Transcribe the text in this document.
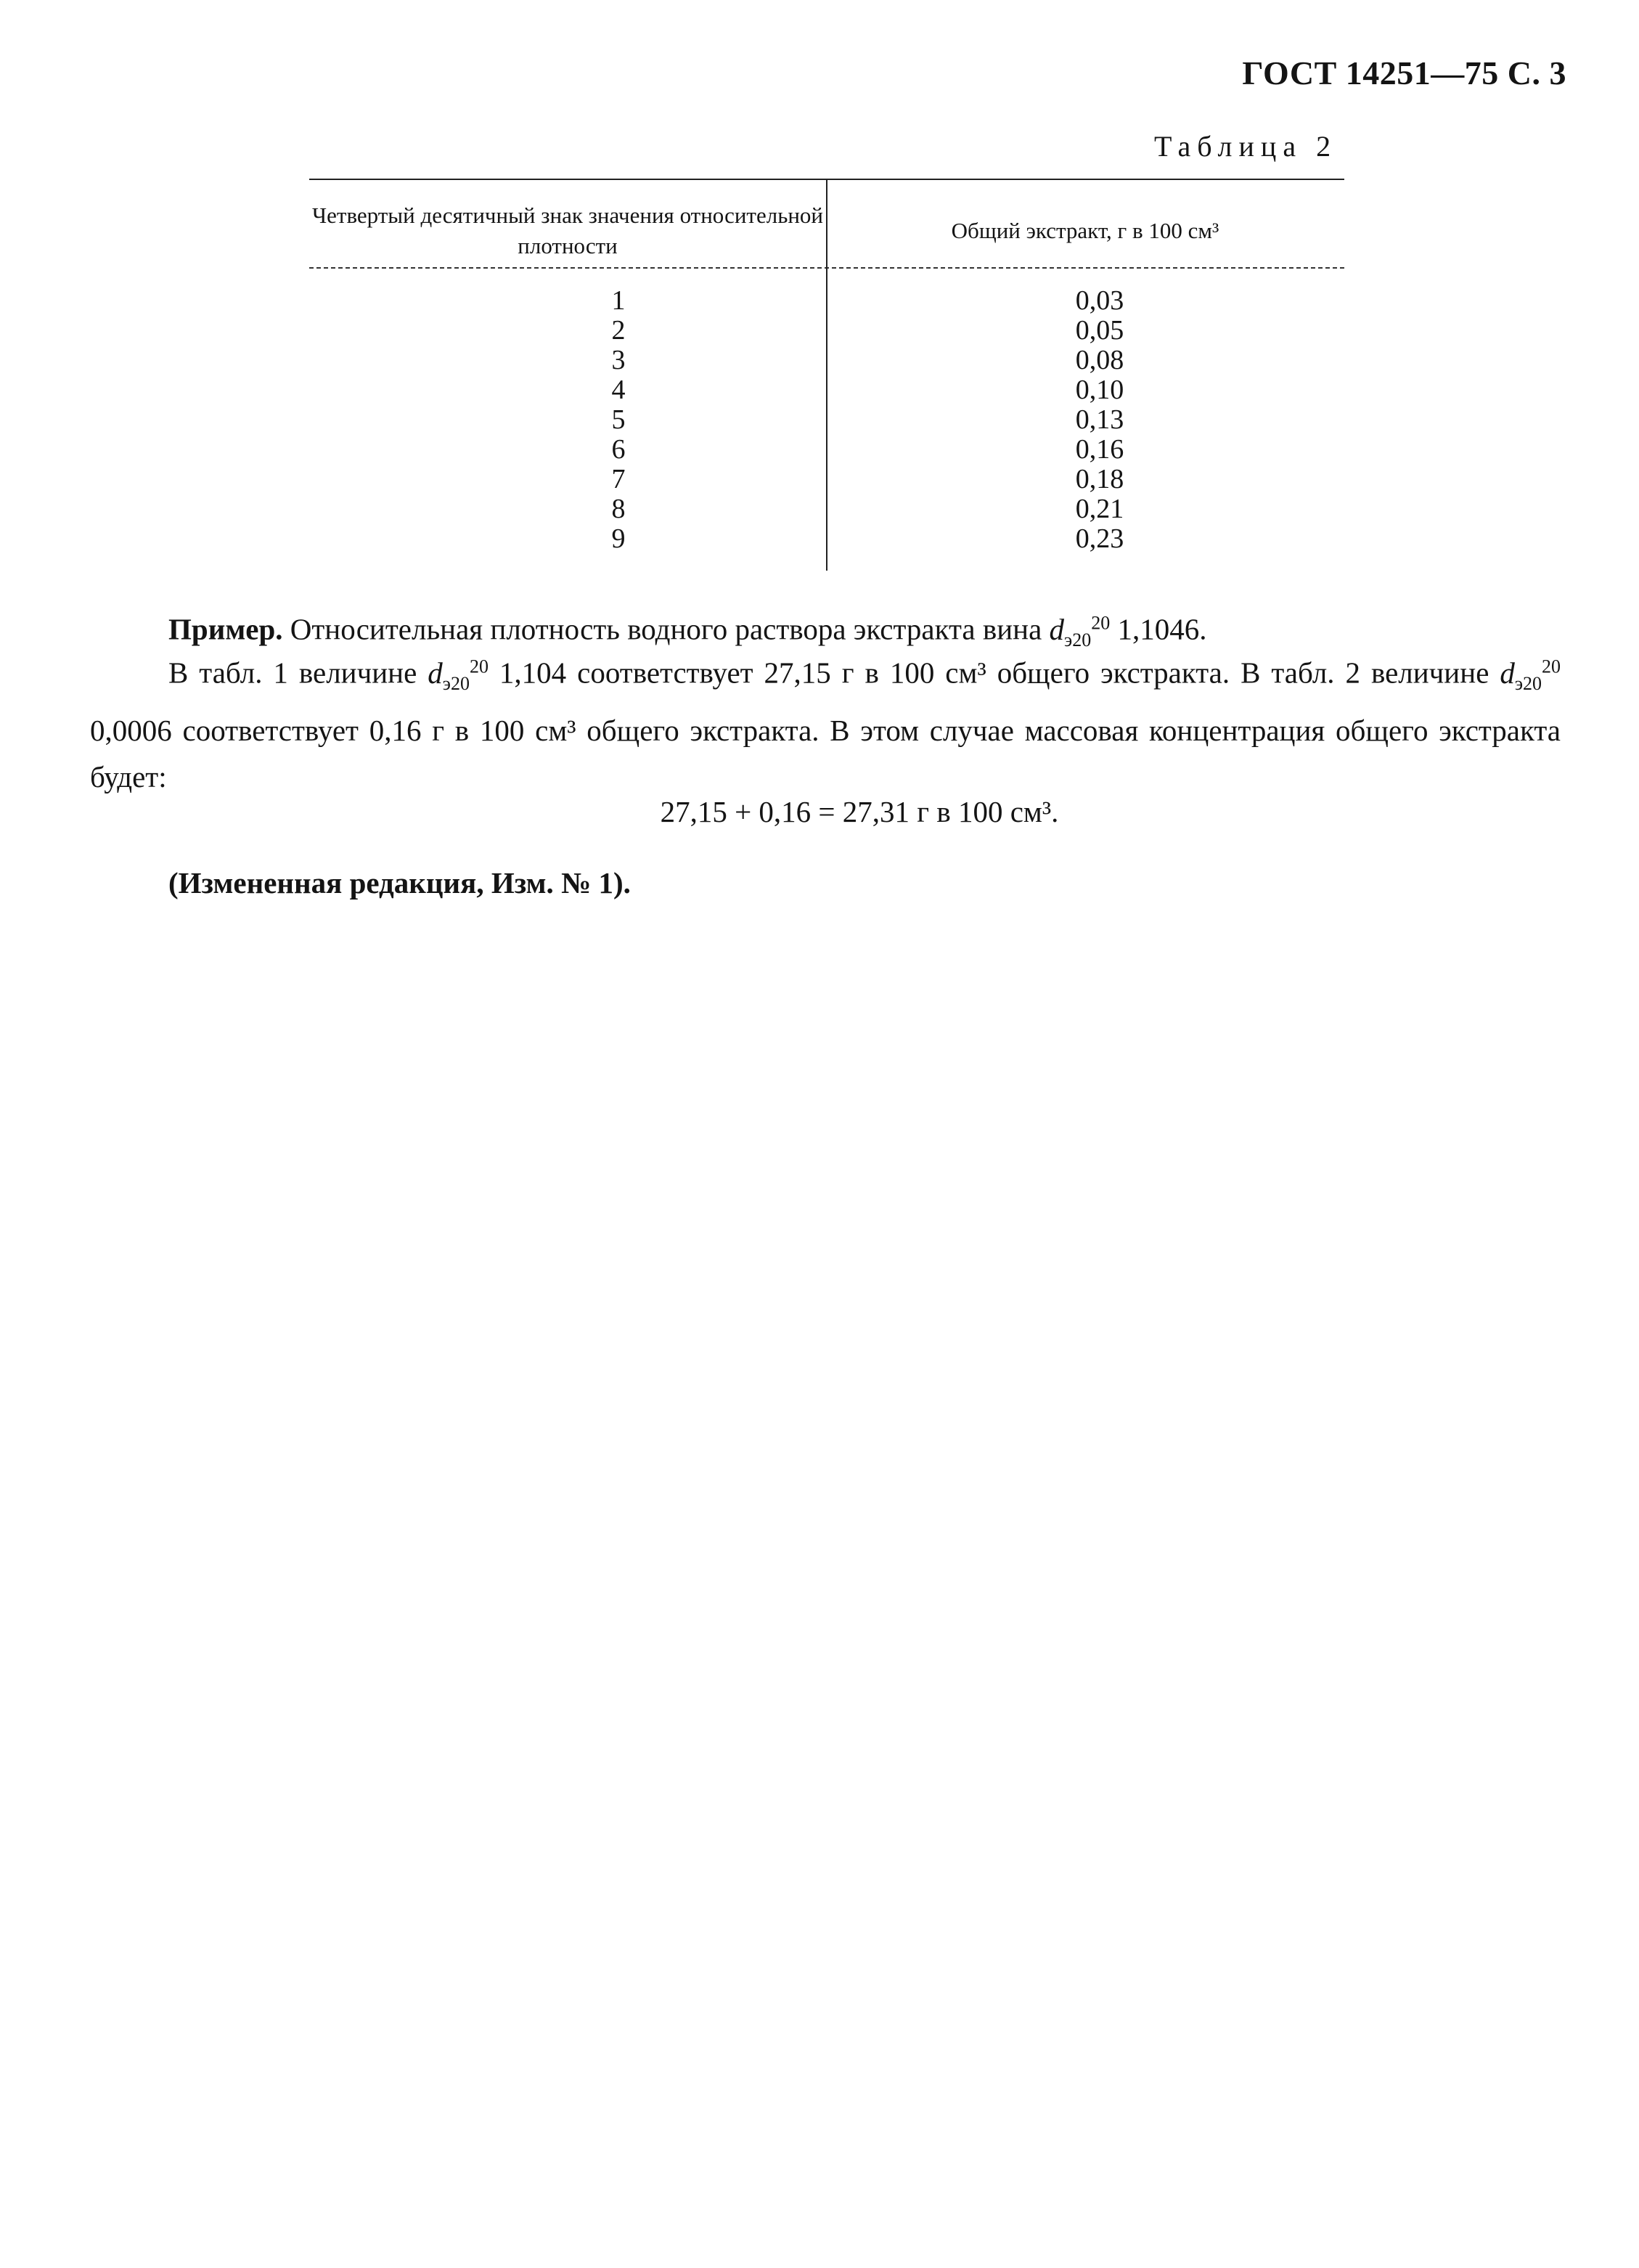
ГОСТ 14251—75 С. 3
Таблица 2
Четвертый десятичный знак значения относительной плотности
Общий экстракт, г в 100 см³
1	0,03
2	0,05
3	0,08
4	0,10
5	0,13
6	0,16
7	0,18
8	0,21
9	0,23
Пример. Относительная плотность водного раствора экстракта вина $d_{э20}^{20}$ 1,1046.
В табл. 1 величине $d_{э20}^{20}$ 1,104 соответствует 27,15 г в 100 см³ общего экстракта. В табл. 2 величине $d_{э20}^{20}$ 0,0006 соответствует 0,16 г в 100 см³ общего экстракта. В этом случае массовая концентрация общего экстракта будет:
27,15 + 0,16 = 27,31 г в 100 см³.
(Измененная редакция, Изм. № 1).
